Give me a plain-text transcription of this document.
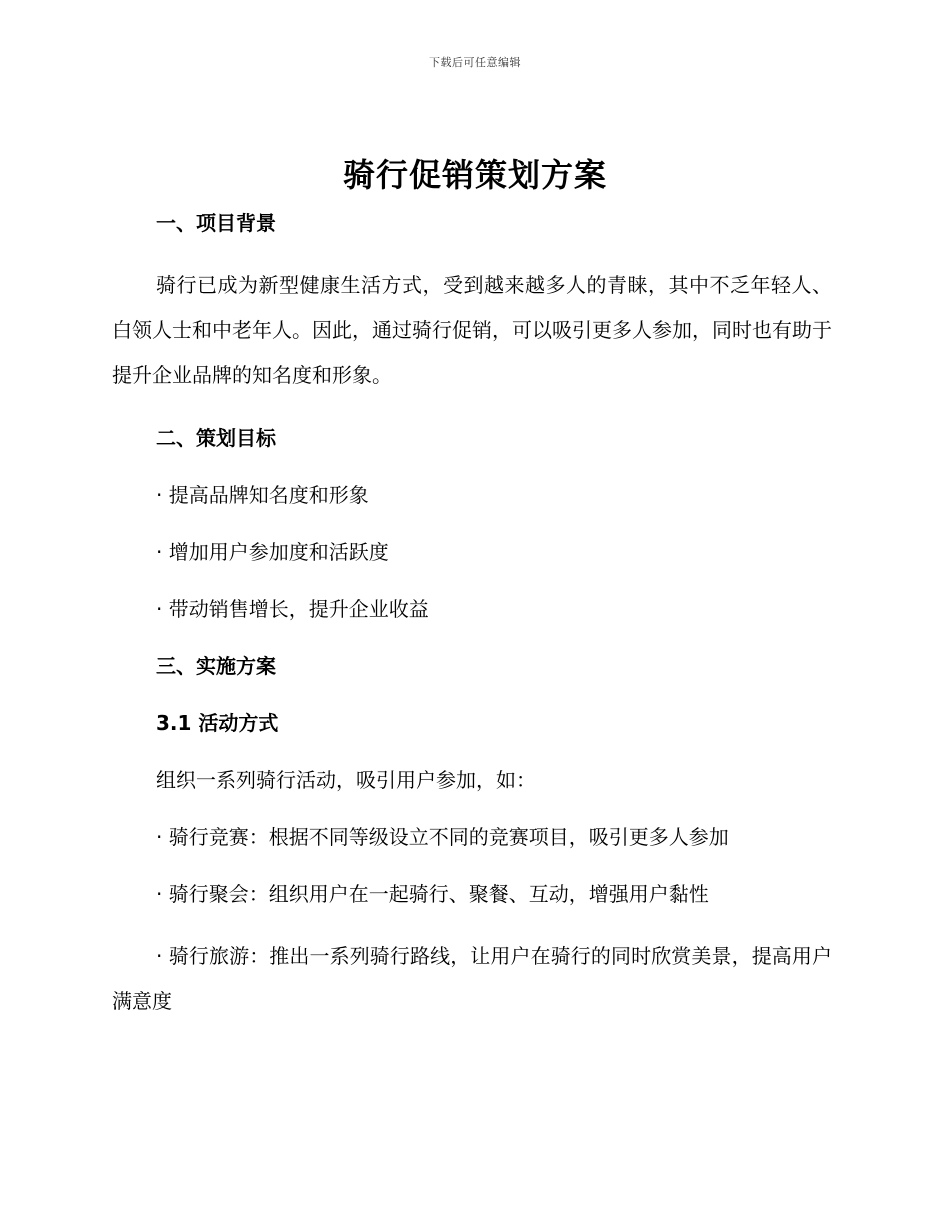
下载后可任意编辑
骑行促销策划方案

一、项目背景

骑行已成为新型健康生活方式，受到越来越多人的青睐，其中不乏年轻人、白领人士和中老年人。因此，通过骑行促销，可以吸引更多人参加，同时也有助于提升企业品牌的知名度和形象。

二、策划目标

· 提高品牌知名度和形象

· 增加用户参加度和活跃度

· 带动销售增长，提升企业收益

三、实施方案

3.1 活动方式

组织一系列骑行活动，吸引用户参加，如：

· 骑行竞赛：根据不同等级设立不同的竞赛项目，吸引更多人参加

· 骑行聚会：组织用户在一起骑行、聚餐、互动，增强用户黏性

· 骑行旅游：推出一系列骑行路线，让用户在骑行的同时欣赏美景，提高用户满意度
